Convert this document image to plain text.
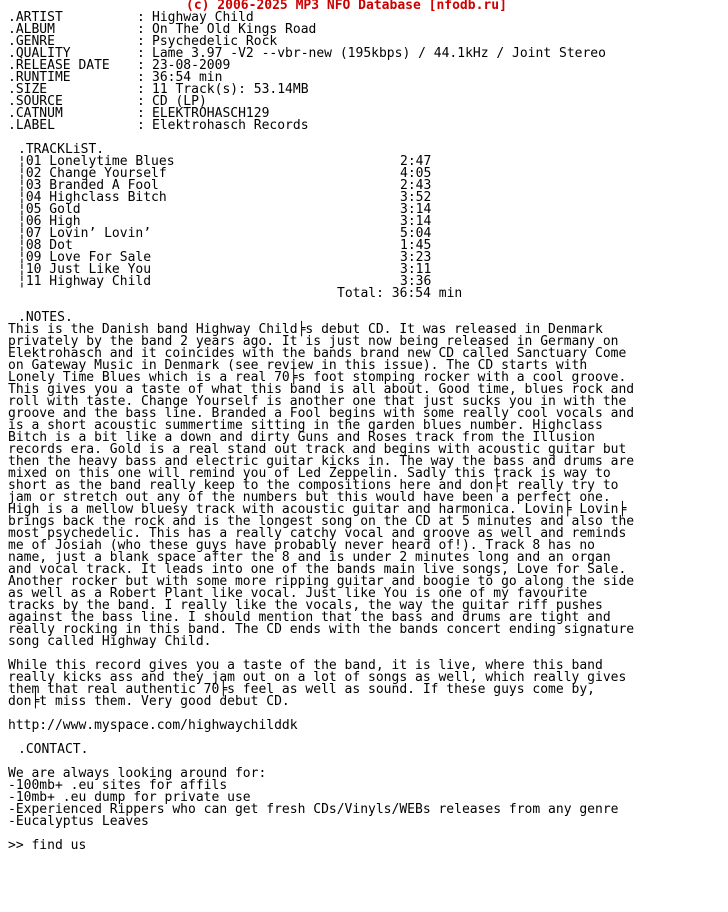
(c) 2006-2025 MP3 NFO Database [nfodb.ru]
.ARTIST	: Highway Child
.ALBUM	: On The Old Kings Road
.GENRE	: Psychedelic Rock
.QUALITY	: Lame 3.97 -V2 --vbr-new (195kbps) / 44.1kHz / Joint Stereo
.RELEASE DATE : 23-08-2009
.RUNTIME	: 36:54 min
.SIZE	: 11 Track(s): 53.14MB
.SOURCE	: CD (LP)
.CATNUM	: ELEKTROHASCH129
.LABEL	: Elektrohasch Records
.TRACKLiST.
¦01 Lonelytime Blues	2:47
¦02 Change Yourself	4:05
¦03 Branded A Fool	2:43
¦04 Highclass Bitch	3:52
¦05 Gold	3:14
¦06 High	3:14
¦07 Lovin’ Lovin’	5:04
¦08 Dot	1:45
¦09 Love For Sale	3:23
¦10 Just Like You	3:11
¦11 Highway Child	3:36
Total: 36:54 min
.NOTES.
This is the Danish band Highway Child╞s debut CD. It was released in Denmark
privately by the band 2 years ago. It is just now being released in Germany on
Elektrohasch and it coincides with the bands brand new CD called Sanctuary Come
on Gateway Music in Denmark (see review in this issue). The CD starts with
Lonely Time Blues which is a real 70╞s foot stomping rocker with a cool groove.
This gives you a taste of what this band is all about. Good time, blues rock and
roll with taste. Change Yourself is another one that just sucks you in with the
groove and the bass line. Branded a Fool begins with some really cool vocals and
is a short acoustic summertime sitting in the garden blues number. Highclass
Bitch is a bit like a down and dirty Guns and Roses track from the Illusion
records era. Gold is a real stand out track and begins with acoustic guitar but
then the heavy bass and electric guitar kicks in. The way the bass and drums are
mixed on this one will remind you of Led Zeppelin. Sadly this track is way to
short as the band really keep to the compositions here and don╞t really try to
jam or stretch out any of the numbers but this would have been a perfect one.
High is a mellow bluesy track with acoustic guitar and harmonica. Lovin╞ Lovin╞
brings back the rock and is the longest song on the CD at 5 minutes and also the
most psychedelic. This has a really catchy vocal and groove as well and reminds
me of Josiah (who these guys have probably never heard of!). Track 8 has no
name, just a blank space after the 8 and is under 2 minutes long and an organ
and vocal track. It leads into one of the bands main live songs, Love for Sale.
Another rocker but with some more ripping guitar and boogie to go along the side
as well as a Robert Plant like vocal. Just like You is one of my favourite
tracks by the band. I really like the vocals, the way the guitar riff pushes
against the bass line. I should mention that the bass and drums are tight and
really rocking in this band. The CD ends with the bands concert ending signature
song called Highway Child.
While this record gives you a taste of the band, it is live, where this band
really kicks ass and they jam out on a lot of songs as well, which really gives
them that real authentic 70╞s feel as well as sound. If these guys come by,
don╞t miss them. Very good debut CD.
http://www.myspace.com/highwaychilddk
.CONTACT.
We are always looking around for:
-100mb+ .eu sites for affils
-10mb+ .eu dump for private use
-Experienced Rippers who can get fresh CDs/Vinyls/WEBs releases from any genre
-Eucalyptus Leaves
>> find us
